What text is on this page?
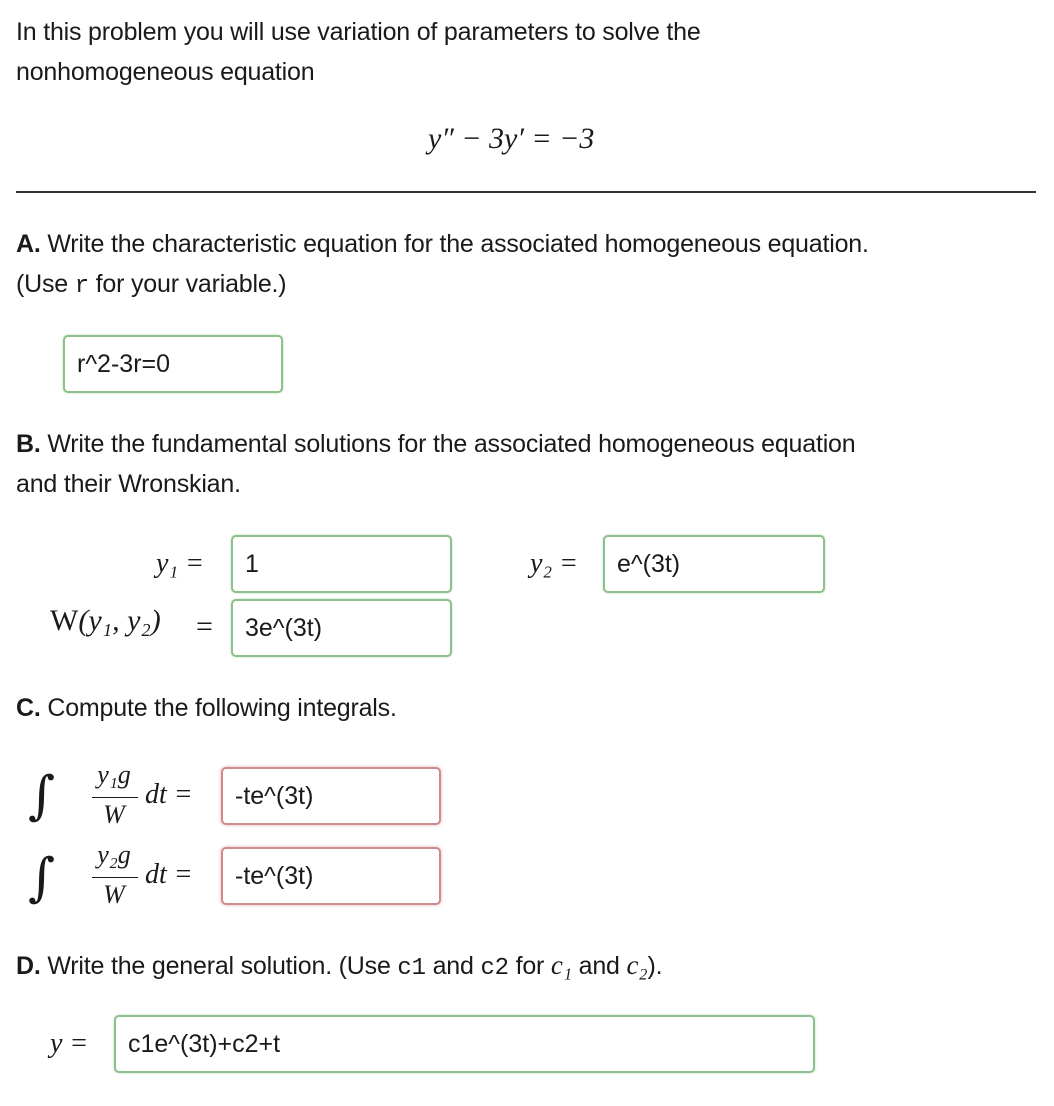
In this problem you will use variation of parameters to solve the
nonhomogeneous equation
y″ − 3y′ = −3
A. Write the characteristic equation for the associated homogeneous equation.
(Use r for your variable.)
r^2-3r=0
B. Write the fundamental solutions for the associated homogeneous equation
and their Wronskian.
y₁ =	1	y₂ =	e^(3t)
W(y₁, y₂) =	3e^(3t)
C. Compute the following integrals.
∫	y₁g
W
dt =	-te^(3t)
∫	y₂g
W
dt =	-te^(3t)
D. Write the general solution. (Use c1 and c2 for c₁ and c₂).
y =	c1e^(3t)+c2+t
